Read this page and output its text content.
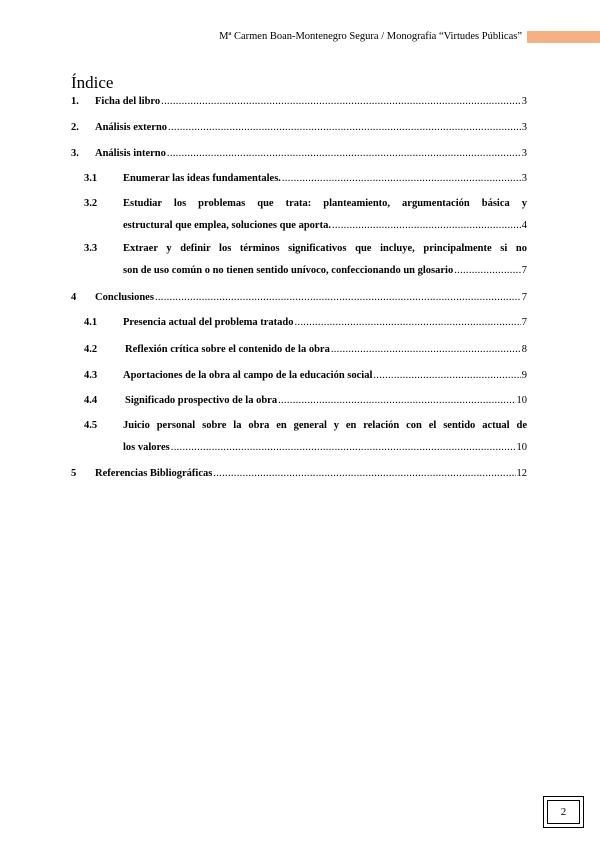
Mª Carmen Boan-Montenegro Segura / Monografía “Virtudes Públicas”
Índice
1. Ficha del libro .....	3
2. Análisis externo .....	3
3. Análisis interno .....	3
3.1 Enumerar las ideas fundamentales. .....	3
3.2 Estudiar los problemas que trata: planteamiento, argumentación básica y
estructural que emplea, soluciones que aporta. .....	4
3.3 Extraer y definir los términos significativos que incluye, principalmente si no
son de uso común o no tienen sentido unívoco, confeccionando un glosario .....	7
4 Conclusiones .....	7
4.1 Presencia actual del problema tratado .....	7
4.2	Reflexión crítica sobre el contenido de la obra .....	8
4.3 Aportaciones de la obra al campo de la educación social .....	9
4.4	Significado prospectivo de la obra .....	10
4.5 Juicio personal sobre la obra en general y en relación con el sentido actual de
los valores .....	10
5 Referencias Bibliográficas .....	12
2
